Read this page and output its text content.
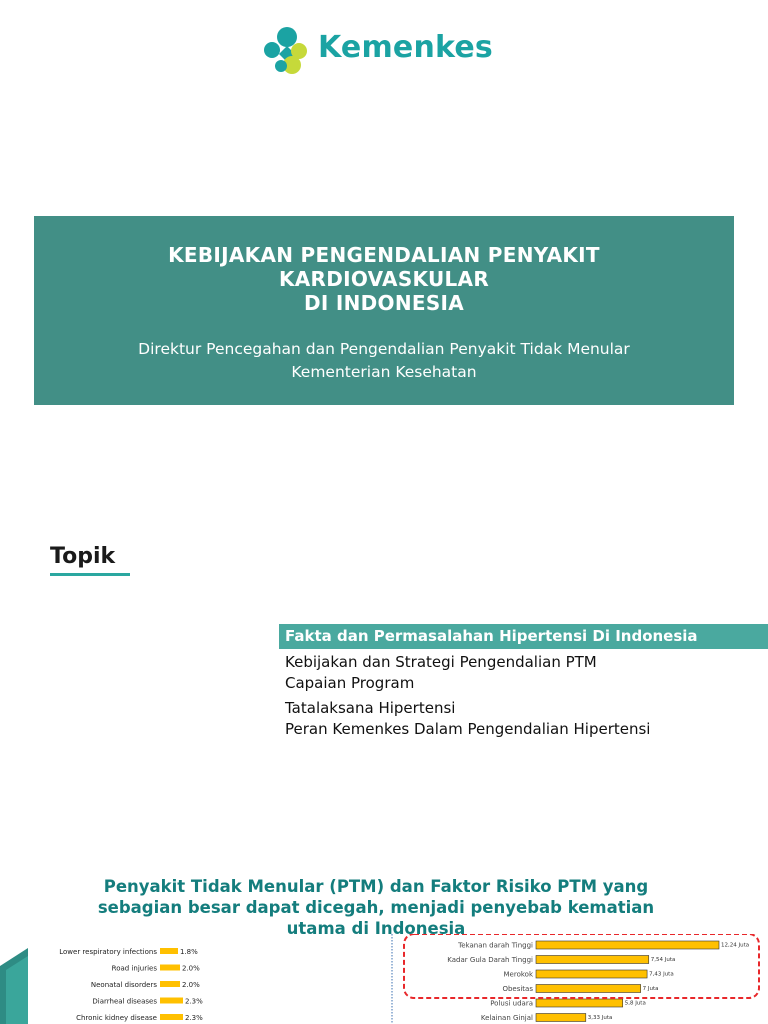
Kemenkes
KEBIJAKAN PENGENDALIAN PENYAKIT
KARDIOVASKULAR
DI INDONESIA
Direktur Pencegahan dan Pengendalian Penyakit Tidak Menular
Kementerian Kesehatan
Topik
Fakta dan Permasalahan Hipertensi Di Indonesia
Kebijakan dan Strategi Pengendalian PTM
Capaian Program
Tatalaksana Hipertensi
Peran Kemenkes Dalam Pengendalian Hipertensi
Penyakit Tidak Menular (PTM) dan Faktor Risiko PTM yang
sebagian besar dapat dicegah, menjadi penyebab kematian
utama di Indonesia
Lower respiratory infections	1.8%
Road injuries	2.0%
Neonatal disorders	2.0%
Diarrheal diseases	2.3%
Chronic kidney disease	2.3%
Tekanan darah Tinggi	12,24 Juta
Kadar Gula Darah Tinggi	7,54 Juta
Merokok	7,43 Juta
Obesitas	7 Juta
Polusi udara	5,8 Juta
Kelainan Ginjal	3,33 Juta
